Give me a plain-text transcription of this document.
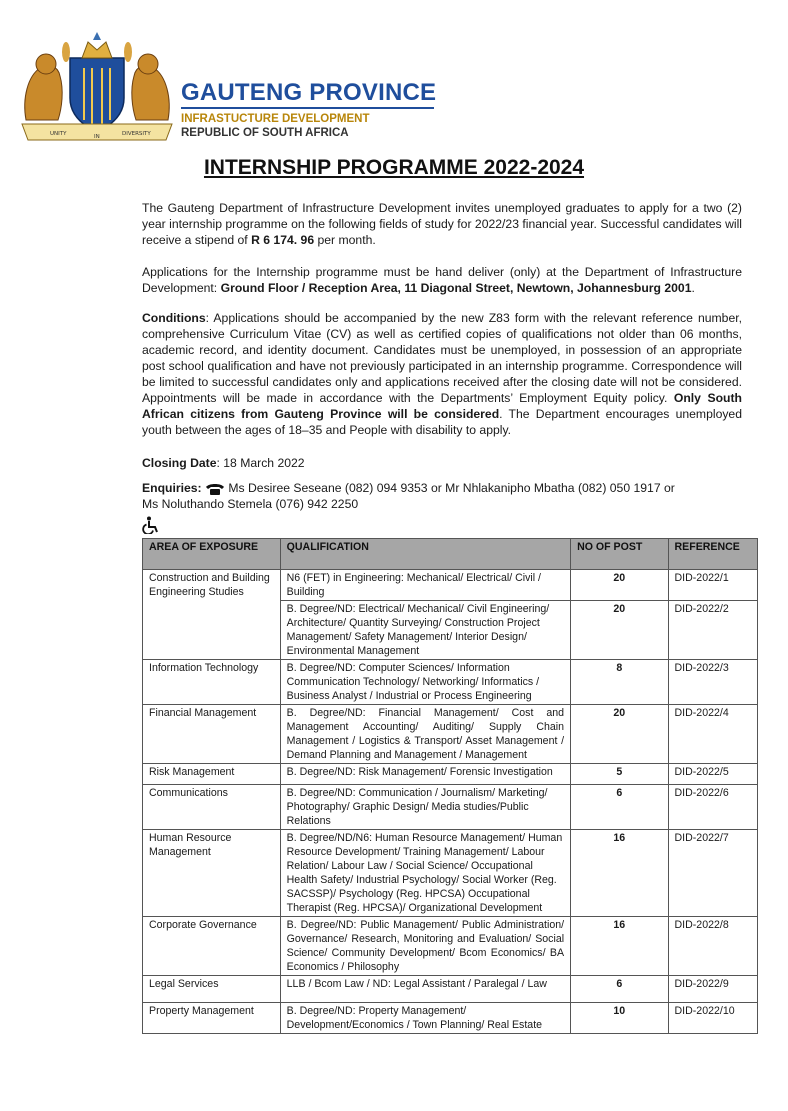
UNITY	IN	DIVERSITY
GAUTENG PROVINCE
INFRASTUCTURE DEVELOPMENT
REPUBLIC OF SOUTH AFRICA
INTERNSHIP PROGRAMME 2022-2024

The Gauteng Department of Infrastructure Development invites unemployed graduates to apply for a two (2) year internship programme on the following fields of study for 2022/23 financial year. Successful candidates will receive a stipend of R 6 174. 96 per month.

Applications for the Internship programme must be hand deliver (only) at the Department of Infrastructure Development: Ground Floor / Reception Area, 11 Diagonal Street, Newtown, Johannesburg 2001.

Conditions: Applications should be accompanied by the new Z83 form with the relevant reference number, comprehensive Curriculum Vitae (CV) as well as certified copies of qualifications not older than 06 months, academic record, and identity document. Candidates must be unemployed, in possession of an appropriate post school qualification and have not previously participated in an internship programme. Correspondence will be limited to successful candidates only and applications received after the closing date will not be considered. Appointments will be made in accordance with the Departments’ Employment Equity policy. Only South African citizens from Gauteng Province will be considered. The Department encourages unemployed youth between the ages of 18–35 and People with disability to apply.

Closing Date: 18 March 2022
Enquiries: Ms Desiree Seseane (082) 094 9353 or Mr Nhlakanipho Mbatha (082) 050 1917 or
Ms Noluthando Stemela (076) 942 2250
AREA OF EXPOSURE	QUALIFICATION	NO OF POST	REFERENCE
Construction and Building Engineering Studies	N6 (FET) in Engineering: Mechanical/ Electrical/ Civil / Building	20	DID-2022/1
	B. Degree/ND: Electrical/ Mechanical/ Civil Engineering/ Architecture/ Quantity Surveying/ Construction Project Management/ Safety Management/ Interior Design/ Environmental Management	20	DID-2022/2
Information Technology	B. Degree/ND: Computer Sciences/ Information Communication Technology/ Networking/ Informatics / Business Analyst / Industrial or Process Engineering	8	DID-2022/3
Financial Management	B. Degree/ND: Financial Management/ Cost and Management Accounting/ Auditing/ Supply Chain Management / Logistics & Transport/ Asset Management / Demand Planning and Management / Management	20	DID-2022/4
Risk Management	B. Degree/ND: Risk Management/ Forensic Investigation	5	DID-2022/5
Communications	B. Degree/ND: Communication / Journalism/ Marketing/ Photography/ Graphic Design/ Media studies/Public Relations	6	DID-2022/6
Human Resource Management	B. Degree/ND/N6: Human Resource Management/ Human Resource Development/ Training Management/ Labour Relation/ Labour Law / Social Science/ Occupational Health Safety/ Industrial Psychology/ Social Worker (Reg. SACSSP)/ Psychology (Reg. HPCSA) Occupational Therapist (Reg. HPCSA)/ Organizational Development	16	DID-2022/7
Corporate Governance	B. Degree/ND: Public Management/ Public Administration/ Governance/ Research, Monitoring and Evaluation/ Social Science/ Community Development/ Bcom Economics/ BA Economics / Philosophy	16	DID-2022/8
Legal Services	LLB / Bcom Law / ND: Legal Assistant / Paralegal / Law	6	DID-2022/9
Property Management	B. Degree/ND: Property Management/ Development/Economics / Town Planning/ Real Estate	10	DID-2022/10
